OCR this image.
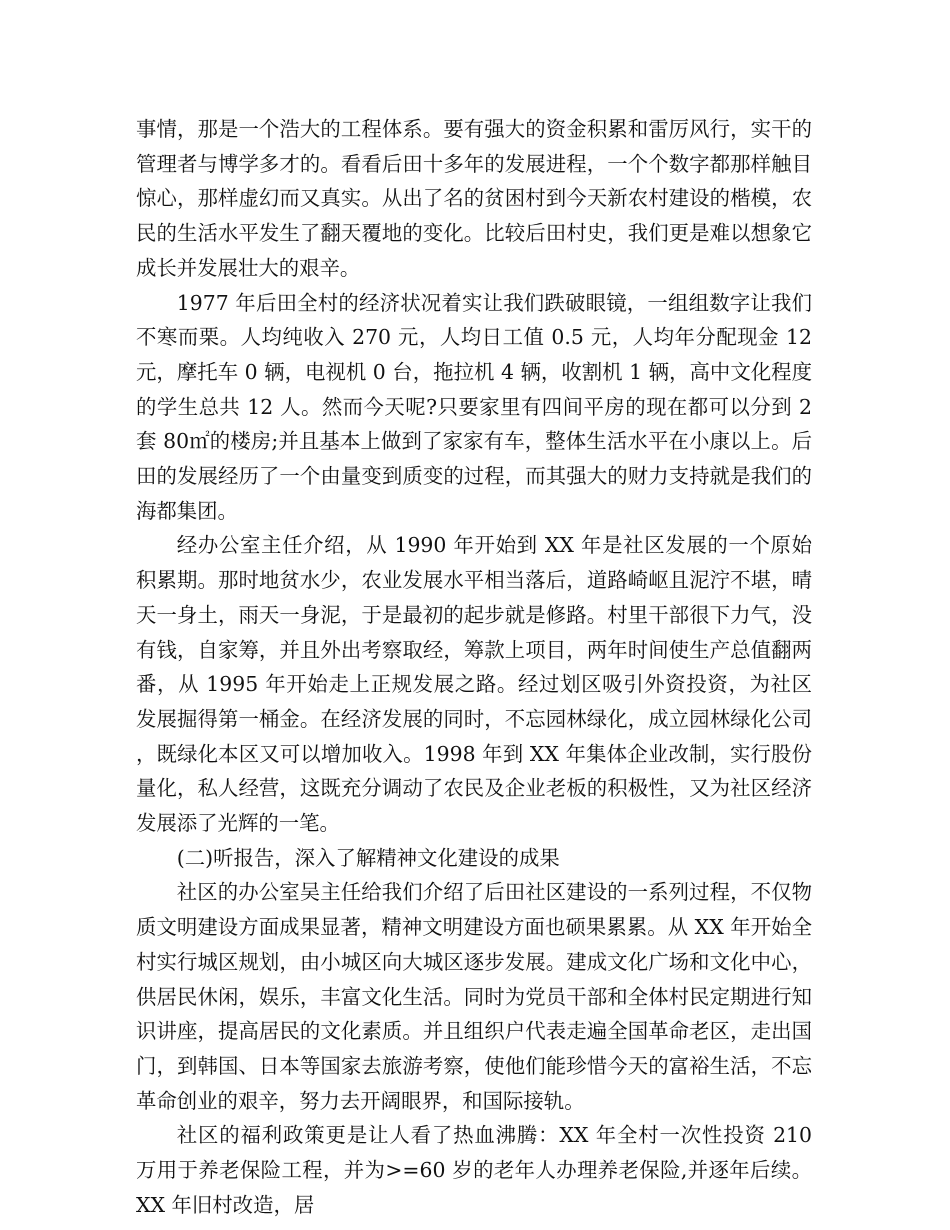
事情，那是一个浩大的工程体系。要有强大的资金积累和雷厉风行，实干的管理者与博学多才的。看看后田十多年的发展进程，一个个数字都那样触目惊心，那样虚幻而又真实。从出了名的贫困村到今天新农村建设的楷模，农民的生活水平发生了翻天覆地的变化。比较后田村史，我们更是难以想象它成长并发展壮大的艰辛。

1977 年后田全村的经济状况着实让我们跌破眼镜，一组组数字让我们不寒而栗。人均纯收入 270 元，人均日工值 0.5 元，人均年分配现金 12 元，摩托车 0 辆，电视机 0 台，拖拉机 4 辆，收割机 1 辆，高中文化程度的学生总共 12 人。然而今天呢?只要家里有四间平房的现在都可以分到 2 套 80㎡的楼房;并且基本上做到了家家有车，整体生活水平在小康以上。后田的发展经历了一个由量变到质变的过程，而其强大的财力支持就是我们的海都集团。

经办公室主任介绍，从 1990 年开始到 XX 年是社区发展的一个原始积累期。那时地贫水少，农业发展水平相当落后，道路崎岖且泥泞不堪，晴天一身土，雨天一身泥，于是最初的起步就是修路。村里干部很下力气，没有钱，自家筹，并且外出考察取经，筹款上项目，两年时间使生产总值翻两番，从 1995 年开始走上正规发展之路。经过划区吸引外资投资，为社区发展掘得第一桶金。在经济发展的同时，不忘园林绿化，成立园林绿化公司，既绿化本区又可以增加收入。1998 年到 XX 年集体企业改制，实行股份量化，私人经营，这既充分调动了农民及企业老板的积极性，又为社区经济发展添了光辉的一笔。

(二)听报告，深入了解精神文化建设的成果

社区的办公室吴主任给我们介绍了后田社区建设的一系列过程，不仅物质文明建设方面成果显著，精神文明建设方面也硕果累累。从 XX 年开始全村实行城区规划，由小城区向大城区逐步发展。建成文化广场和文化中心，供居民休闲，娱乐，丰富文化生活。同时为党员干部和全体村民定期进行知识讲座，提高居民的文化素质。并且组织户代表走遍全国革命老区，走出国门，到韩国、日本等国家去旅游考察，使他们能珍惜今天的富裕生活，不忘革命创业的艰辛，努力去开阔眼界，和国际接轨。

社区的福利政策更是让人看了热血沸腾：XX 年全村一次性投资 210 万用于养老保险工程，并为>=60 岁的老年人办理养老保险,并逐年后续。XX 年旧村改造，居
